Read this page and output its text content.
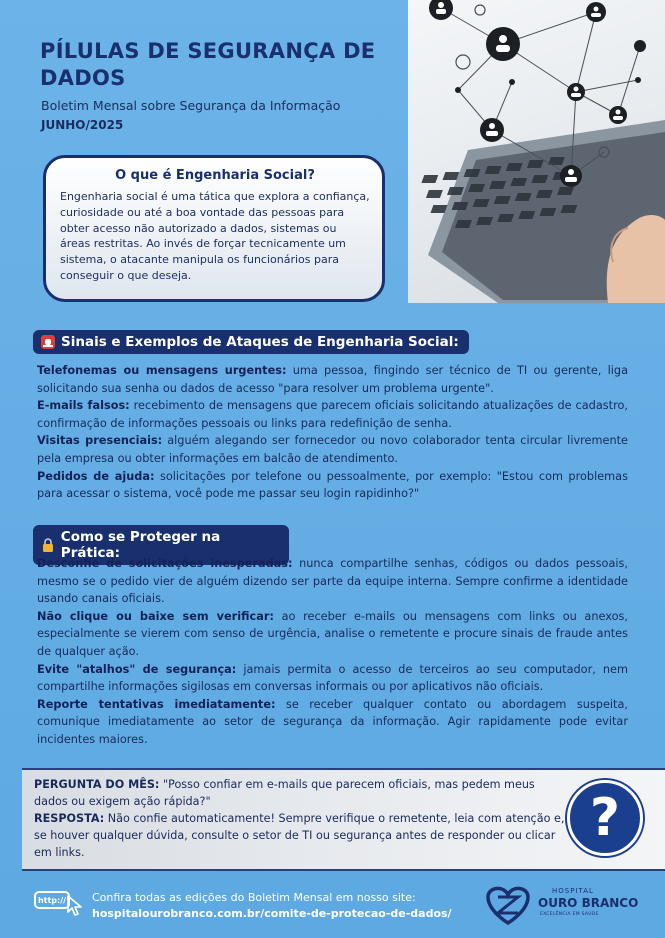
PÍLULAS DE SEGURANÇA DE DADOS
Boletim Mensal sobre Segurança da Informação
JUNHO/2025
O que é Engenharia Social?
Engenharia social é uma tática que explora a confiança, curiosidade ou até a boa vontade das pessoas para obter acesso não autorizado a dados, sistemas ou áreas restritas. Ao invés de forçar tecnicamente um sistema, o atacante manipula os funcionários para conseguir o que deseja.
Sinais e Exemplos de Ataques de Engenharia Social:
Telefonemas ou mensagens urgentes: uma pessoa, fingindo ser técnico de TI ou gerente, liga solicitando sua senha ou dados de acesso "para resolver um problema urgente".
E-mails falsos: recebimento de mensagens que parecem oficiais solicitando atualizações de cadastro, confirmação de informações pessoais ou links para redefinição de senha.
Visitas presenciais: alguém alegando ser fornecedor ou novo colaborador tenta circular livremente pela empresa ou obter informações em balcão de atendimento.
Pedidos de ajuda: solicitações por telefone ou pessoalmente, por exemplo: "Estou com problemas para acessar o sistema, você pode me passar seu login rapidinho?"
Como se Proteger na Prática:
Desconfie de solicitações inesperadas: nunca compartilhe senhas, códigos ou dados pessoais, mesmo se o pedido vier de alguém dizendo ser parte da equipe interna. Sempre confirme a identidade usando canais oficiais.
Não clique ou baixe sem verificar: ao receber e-mails ou mensagens com links ou anexos, especialmente se vierem com senso de urgência, analise o remetente e procure sinais de fraude antes de qualquer ação.
Evite "atalhos" de segurança: jamais permita o acesso de terceiros ao seu computador, nem compartilhe informações sigilosas em conversas informais ou por aplicativos não oficiais.
Reporte tentativas imediatamente: se receber qualquer contato ou abordagem suspeita, comunique imediatamente ao setor de segurança da informação. Agir rapidamente pode evitar incidentes maiores.
PERGUNTA DO MÊS: "Posso confiar em e-mails que parecem oficiais, mas pedem meus dados ou exigem ação rápida?"
RESPOSTA: Não confie automaticamente! Sempre verifique o remetente, leia com atenção e, se houver qualquer dúvida, consulte o setor de TI ou segurança antes de responder ou clicar em links.
?
http:// Confira todas as edições do Boletim Mensal em nosso site:
hospitalourobranco.com.br/comite-de-protecao-de-dados/
HOSPITAL
OURO BRANCO
EXCELÊNCIA EM SAÚDE
